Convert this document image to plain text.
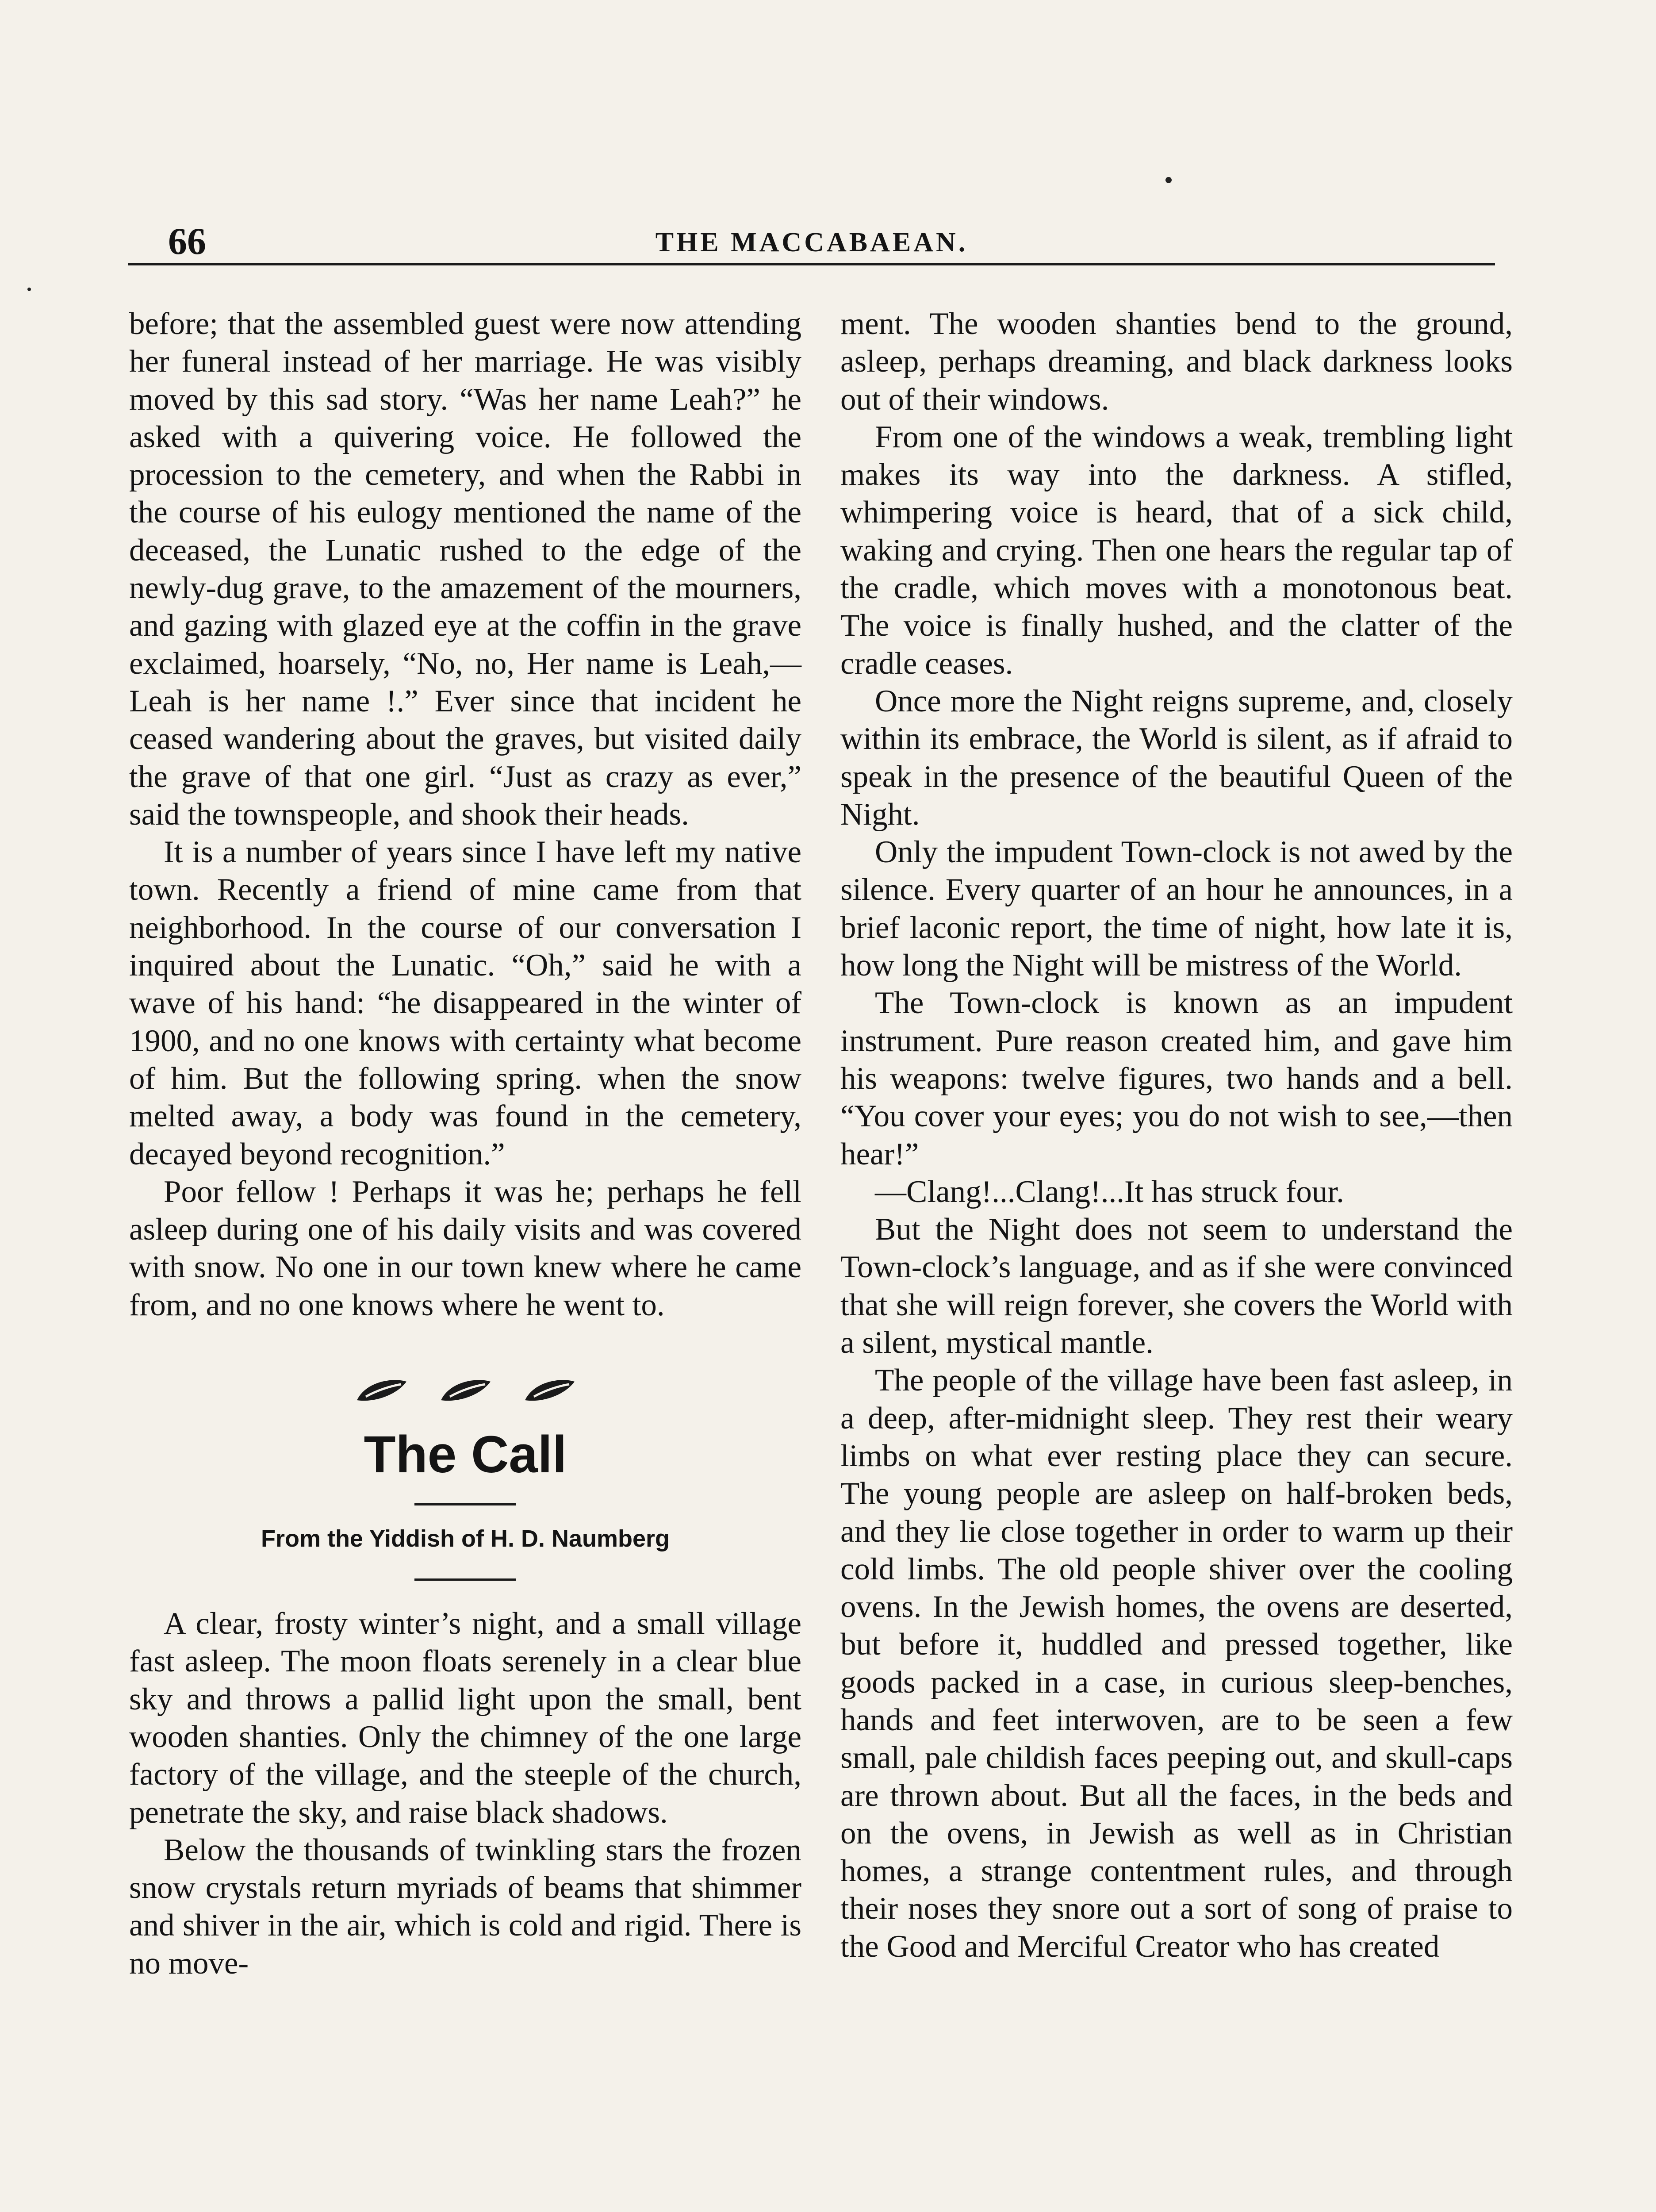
66	THE MACCABAEAN.

before; that the assembled guest were now attending her funeral instead of her marriage. He was visibly moved by this sad story. “Was her name Leah?” he asked with a quivering voice. He followed the procession to the cemetery, and when the Rabbi in the course of his eulogy mentioned the name of the deceased, the Lunatic rushed to the edge of the newly-dug grave, to the amazement of the mourners, and gazing with glazed eye at the coffin in the grave exclaimed, hoarsely, “No, no, Her name is Leah,— Leah is her name !.” Ever since that incident he ceased wandering about the graves, but visited daily the grave of that one girl. “Just as crazy as ever,” said the townspeople, and shook their heads.

It is a number of years since I have left my native town. Recently a friend of mine came from that neighborhood. In the course of our conversation I inquired about the Lunatic. “Oh,” said he with a wave of his hand: “he disappeared in the winter of 1900, and no one knows with certainty what become of him. But the following spring. when the snow melted away, a body was found in the cemetery, decayed beyond recognition.”

Poor fellow ! Perhaps it was he; perhaps he fell asleep during one of his daily visits and was covered with snow. No one in our town knew where he came from, and no one knows where he went to.

The Call
From the Yiddish of H. D. Naumberg

A clear, frosty winter’s night, and a small village fast asleep. The moon floats serenely in a clear blue sky and throws a pallid light upon the small, bent wooden shanties. Only the chimney of the one large factory of the village, and the steeple of the church, penetrate the sky, and raise black shadows.

Below the thousands of twinkling stars the frozen snow crystals return myriads of beams that shimmer and shiver in the air, which is cold and rigid. There is no move-

ment. The wooden shanties bend to the ground, asleep, perhaps dreaming, and black darkness looks out of their windows.

From one of the windows a weak, trembling light makes its way into the darkness. A stifled, whimpering voice is heard, that of a sick child, waking and crying. Then one hears the regular tap of the cradle, which moves with a monotonous beat. The voice is finally hushed, and the clatter of the cradle ceases.

Once more the Night reigns supreme, and, closely within its embrace, the World is silent, as if afraid to speak in the presence of the beautiful Queen of the Night.

Only the impudent Town-clock is not awed by the silence. Every quarter of an hour he announces, in a brief laconic report, the time of night, how late it is, how long the Night will be mistress of the World.

The Town-clock is known as an impudent instrument. Pure reason created him, and gave him his weapons: twelve figures, two hands and a bell. “You cover your eyes; you do not wish to see,—then hear!”

—Clang!...Clang!...It has struck four.

But the Night does not seem to understand the Town-clock’s language, and as if she were convinced that she will reign forever, she covers the World with a silent, mystical mantle.

The people of the village have been fast asleep, in a deep, after-midnight sleep. They rest their weary limbs on what ever resting place they can secure. The young people are asleep on half-broken beds, and they lie close together in order to warm up their cold limbs. The old people shiver over the cooling ovens. In the Jewish homes, the ovens are deserted, but before it, huddled and pressed together, like goods packed in a case, in curious sleep-benches, hands and feet interwoven, are to be seen a few small, pale childish faces peeping out, and skull-caps are thrown about. But all the faces, in the beds and on the ovens, in Jewish as well as in Christian homes, a strange contentment rules, and through their noses they snore out a sort of song of praise to the Good and Merciful Creator who has created
